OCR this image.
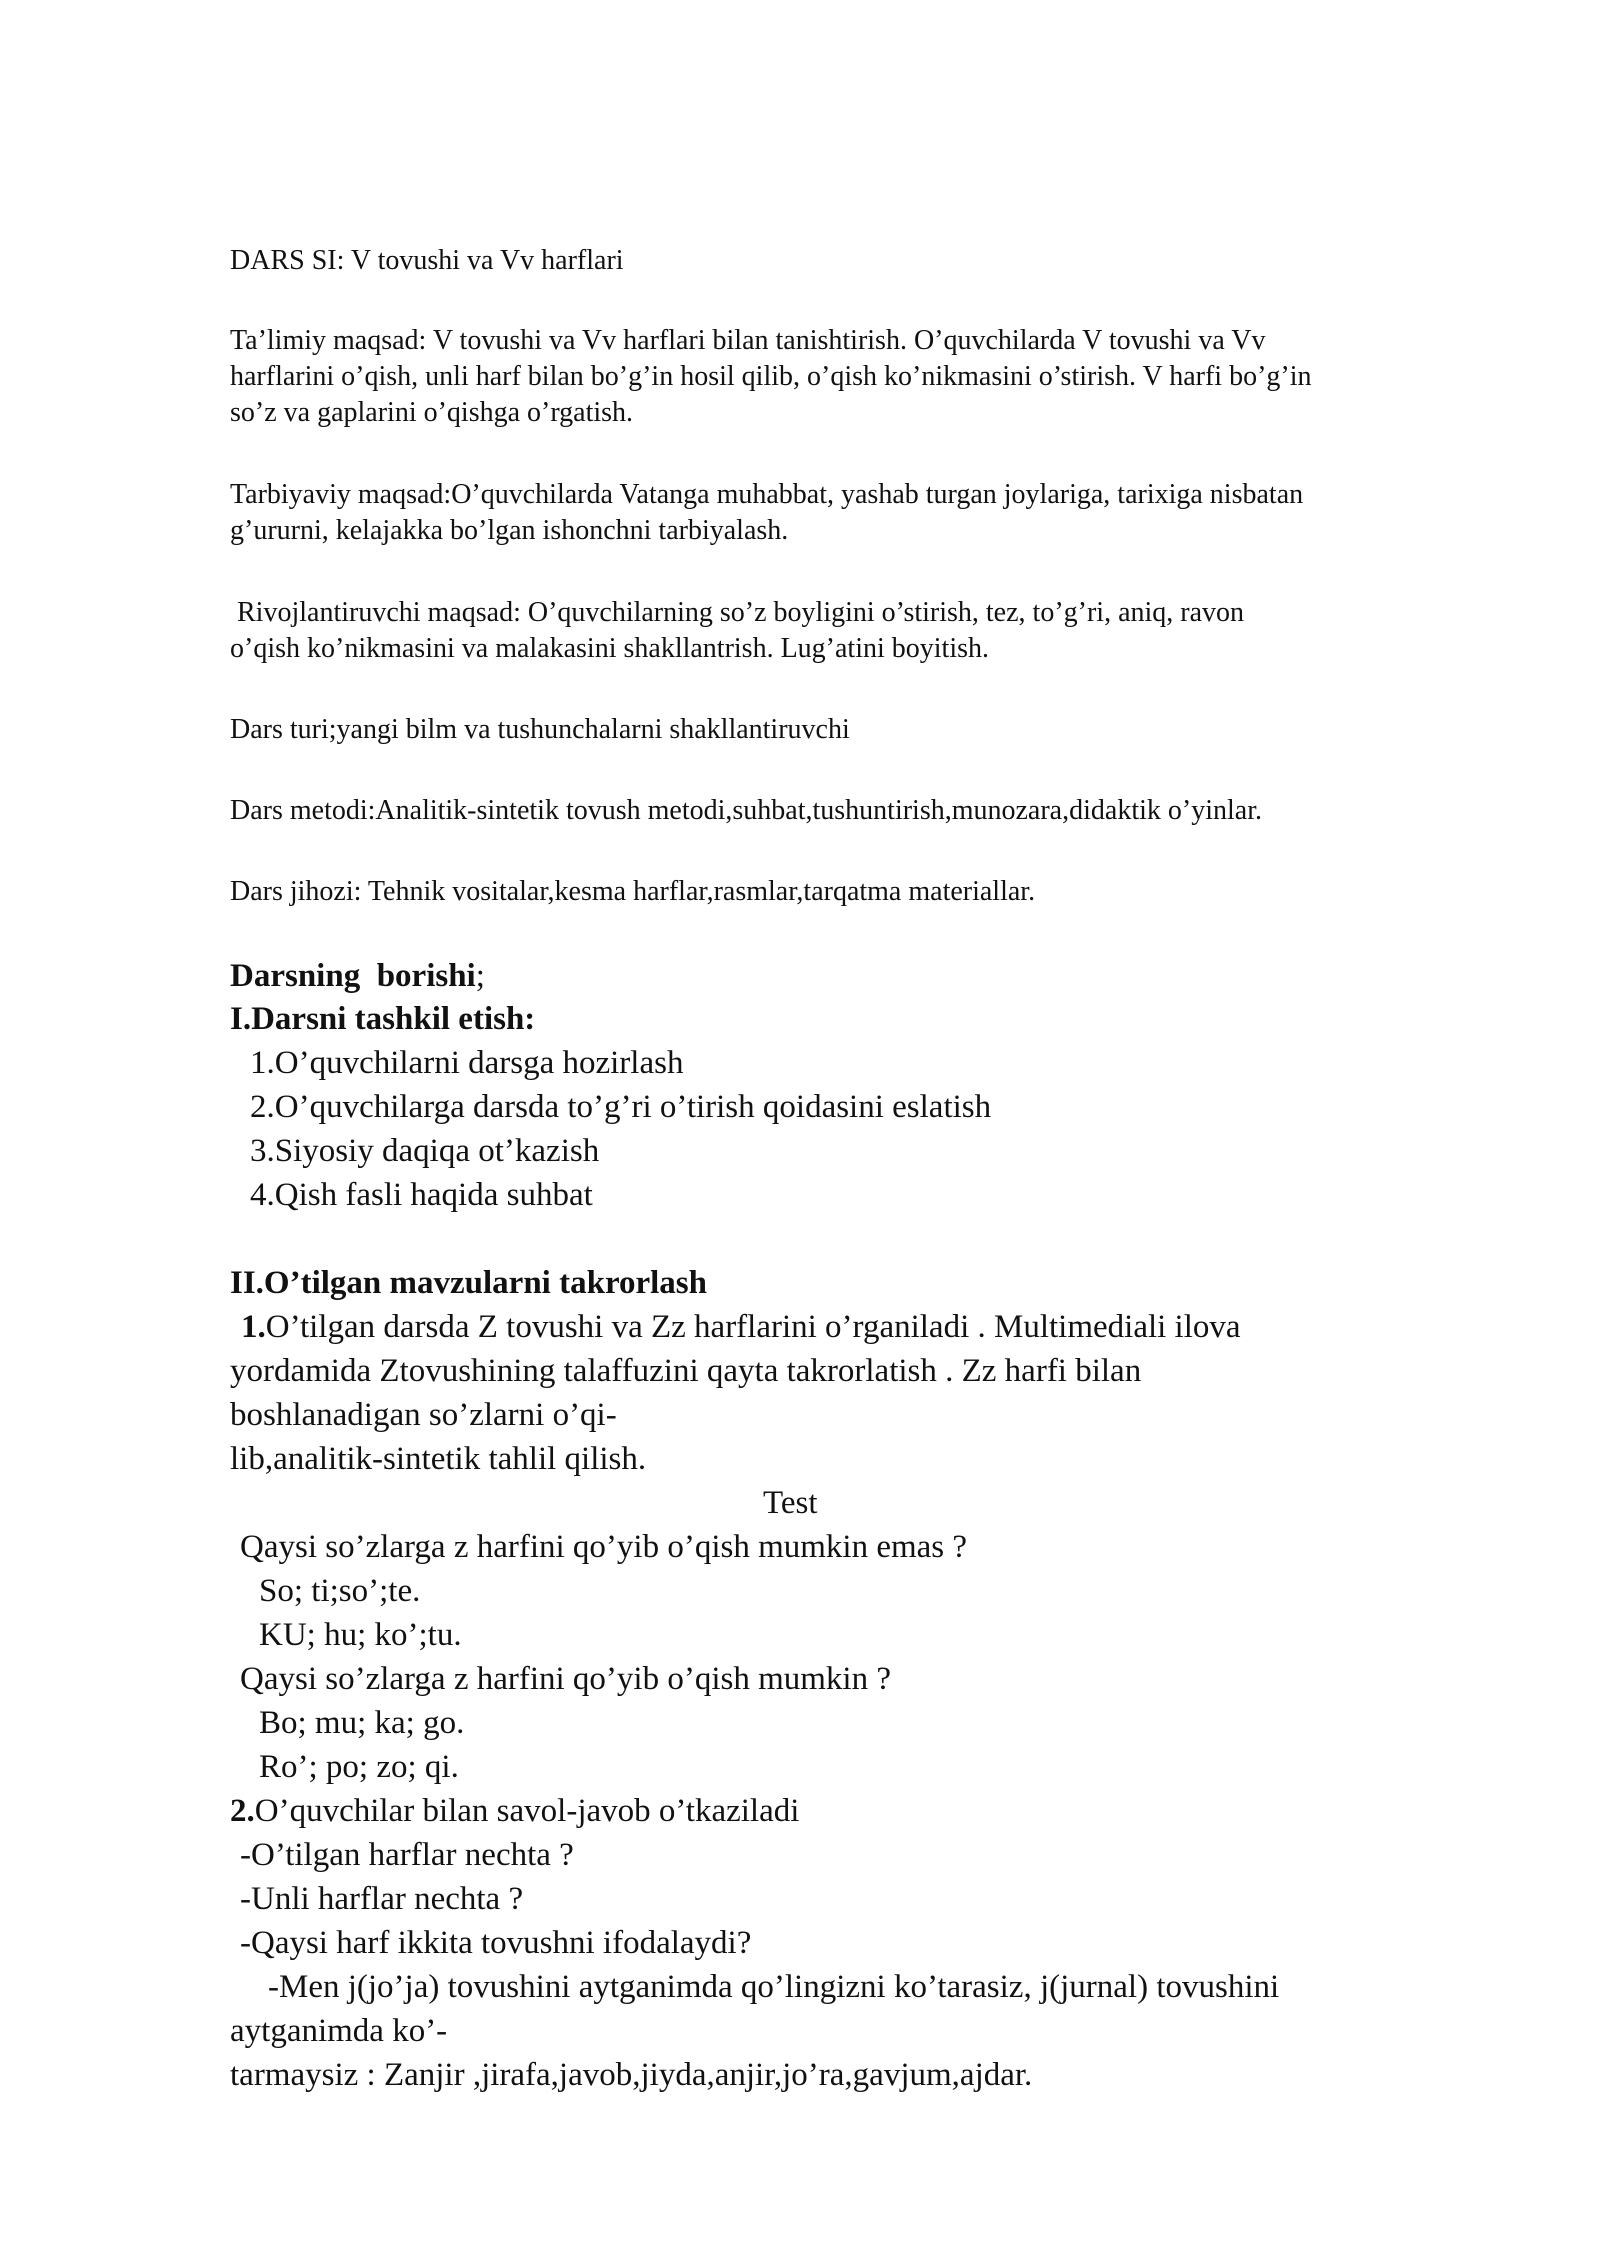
DARS SI: V tovushi va Vv harflari
Ta’limiy maqsad: V tovushi va Vv harflari bilan tanishtirish. O’quvchilarda V tovushi va Vv
harflarini o’qish, unli harf bilan bo’g’in hosil qilib, o’qish ko’nikmasini o’stirish. V harfi bo’g’in
so’z va gaplarini o’qishga o’rgatish.
Tarbiyaviy maqsad:O’quvchilarda Vatanga muhabbat, yashab turgan joylariga, tarixiga nisbatan
g’ururni, kelajakka bo’lgan ishonchni tarbiyalash.
Rivojlantiruvchi maqsad: O’quvchilarning so’z boyligini o’stirish, tez, to’g’ri, aniq, ravon
o’qish ko’nikmasini va malakasini shakllantrish. Lug’atini boyitish.
Dars turi;yangi bilm va tushunchalarni shakllantiruvchi
Dars metodi:Analitik-sintetik tovush metodi,suhbat,tushuntirish,munozara,didaktik o’yinlar.
Dars jihozi: Tehnik vositalar,kesma harflar,rasmlar,tarqatma materiallar.
Darsning  borishi;
I.Darsni tashkil etish:
1.O’quvchilarni darsga hozirlash
2.O’quvchilarga darsda to’g’ri o’tirish qoidasini eslatish
3.Siyosiy daqiqa ot’kazish
4.Qish fasli haqida suhbat
II.O’tilgan mavzularni takrorlash
1.O’tilgan darsda Z tovushi va Zz harflarini o’rganiladi . Multimediali ilova
yordamida Ztovushining talaffuzini qayta takrorlatish . Zz harfi bilan
boshlanadigan so’zlarni o’qi-
lib,analitik-sintetik tahlil qilish.
Test
Qaysi so’zlarga z harfini qo’yib o’qish mumkin emas ?
So; ti;so’;te.
KU; hu; ko’;tu.
Qaysi so’zlarga z harfini qo’yib o’qish mumkin ?
Bo; mu; ka; go.
Ro’; po; zo; qi.
2.O’quvchilar bilan savol-javob o’tkaziladi
-O’tilgan harflar nechta ?
-Unli harflar nechta ?
-Qaysi harf ikkita tovushni ifodalaydi?
-Men j(jo’ja) tovushini aytganimda qo’lingizni ko’tarasiz, j(jurnal) tovushini
aytganimda ko’-
tarmaysiz : Zanjir ,jirafa,javob,jiyda,anjir,jo’ra,gavjum,ajdar.
